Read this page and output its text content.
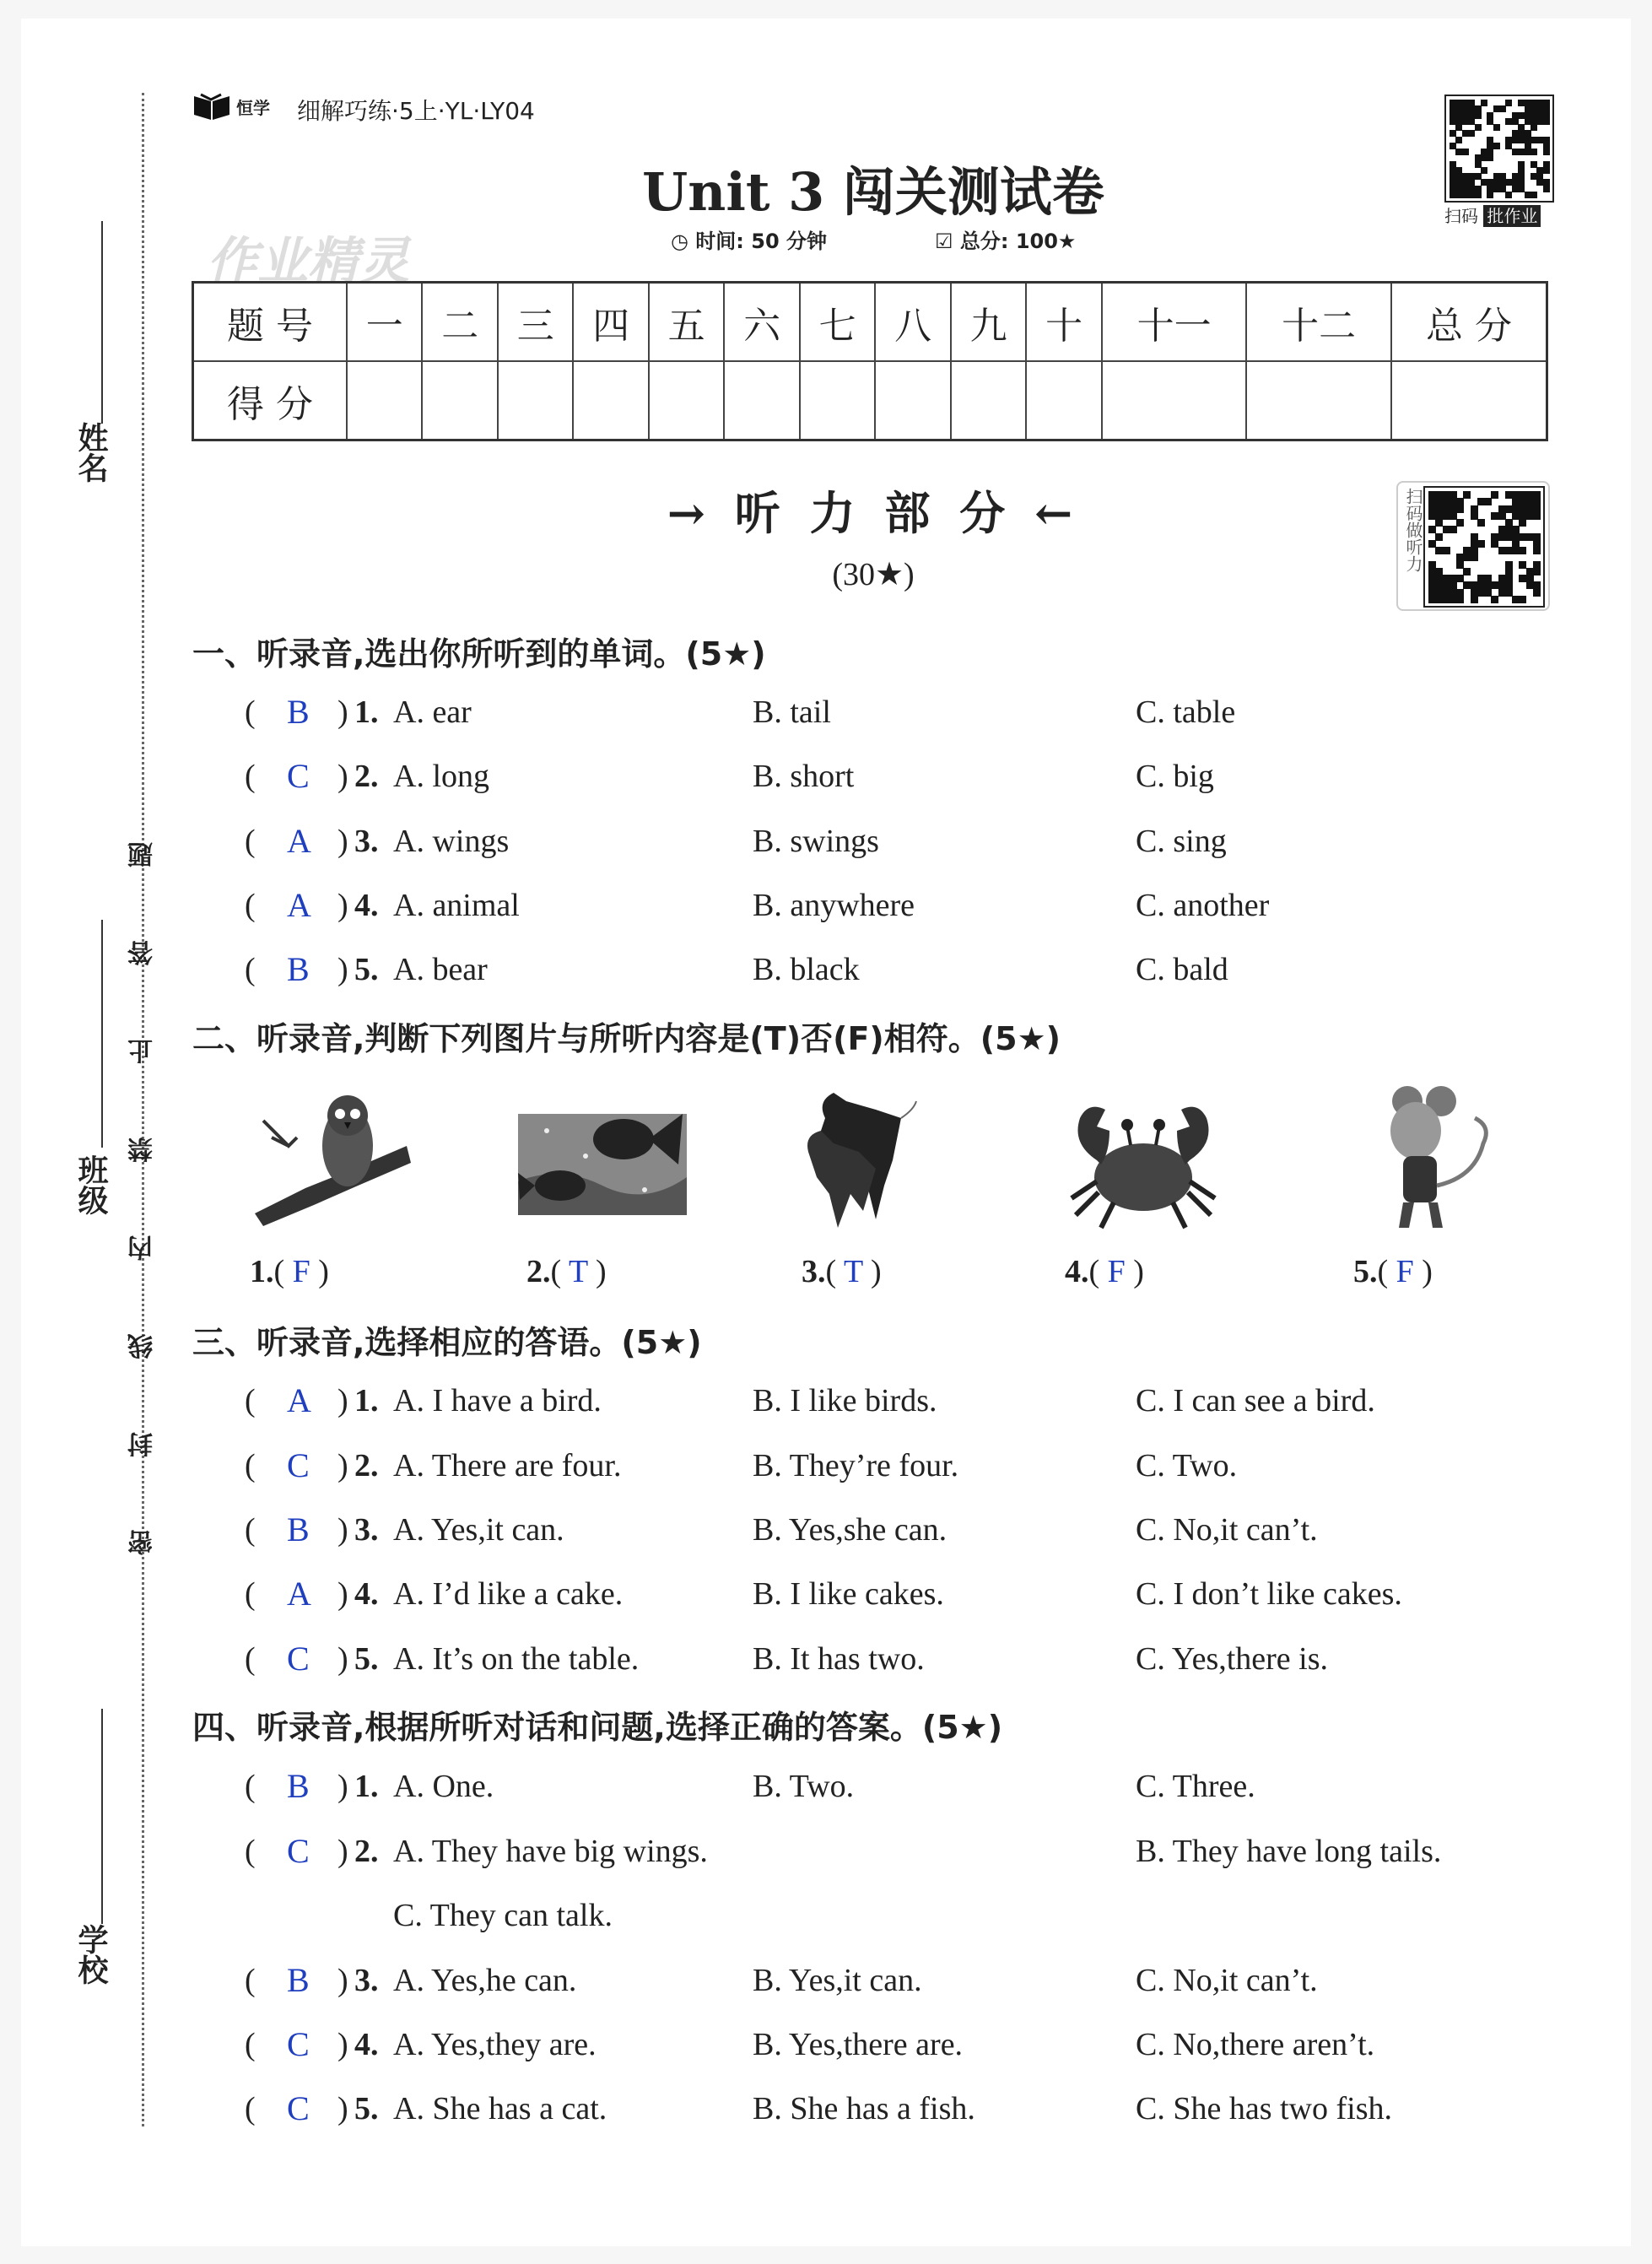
姓名
班级
学校
密 封 线 内 禁 止 答 题
恒学 细解巧练·5上·YL·LY04
扫码 批作业
作业精灵
Unit 3 闯关测试卷
◷ 时间: 50 分钟	☑ 总分: 100★
题 号	一	二	三	四	五	六	七	八	九	十	十一	十二	总 分
得 分													
→ 听 力 部 分 ←
(30★)
扫码做听力
一、听录音,选出你所听到的单词。(5★)
( B ) 1. A. ear	B. tail	C. table
( C ) 2. A. long	B. short	C. big
( A ) 3. A. wings	B. swings	C. sing
( A ) 4. A. animal	B. anywhere	C. another
( B ) 5. A. bear	B. black	C. bald
二、听录音,判断下列图片与所听内容是(T)否(F)相符。(5★)
1.( F )	2.( T )	3.( T )	4.( F )	5.( F )
三、听录音,选择相应的答语。(5★)
( A ) 1. A. I have a bird.	B. I like birds.	C. I can see a bird.
( C ) 2. A. There are four.	B. They’re four.	C. Two.
( B ) 3. A. Yes,it can.	B. Yes,she can.	C. No,it can’t.
( A ) 4. A. I’d like a cake.	B. I like cakes.	C. I don’t like cakes.
( C ) 5. A. It’s on the table.	B. It has two.	C. Yes,there is.
四、听录音,根据所听对话和问题,选择正确的答案。(5★)
( B ) 1. A. One.	B. Two.	C. Three.
( C ) 2. A. They have big wings.	B. They have long tails.
C. They can talk.
( B ) 3. A. Yes,he can.	B. Yes,it can.	C. No,it can’t.
( C ) 4. A. Yes,they are.	B. Yes,there are.	C. No,there aren’t.
( C ) 5. A. She has a cat.	B. She has a fish.	C. She has two fish.
